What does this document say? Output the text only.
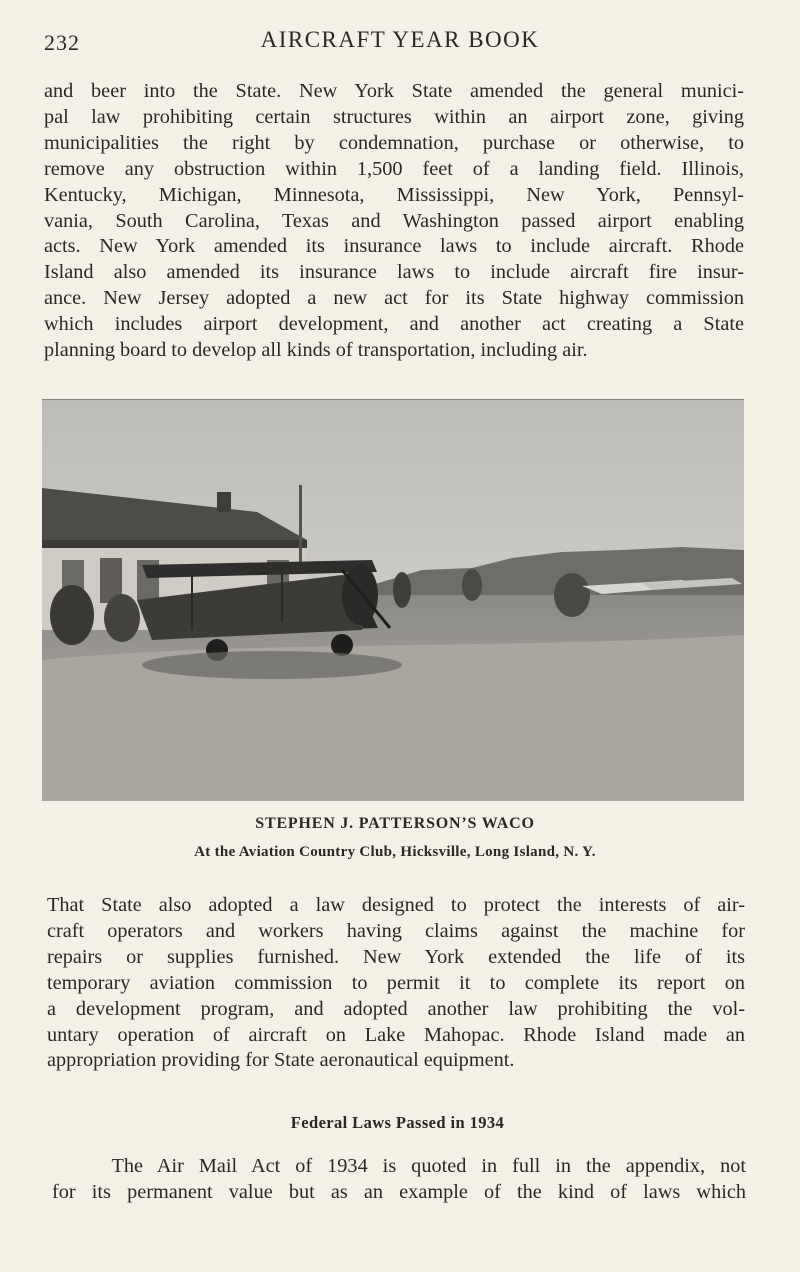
232	AIRCRAFT YEAR BOOK
and beer into the State. New York State amended the general munici-
pal law prohibiting certain structures within an airport zone, giving
municipalities the right by condemnation, purchase or otherwise, to
remove any obstruction within 1,500 feet of a landing field. Illinois,
Kentucky, Michigan, Minnesota, Mississippi, New York, Pennsyl-
vania, South Carolina, Texas and Washington passed airport enabling
acts. New York amended its insurance laws to include aircraft. Rhode
Island also amended its insurance laws to include aircraft fire insur-
ance. New Jersey adopted a new act for its State highway commission
which includes airport development, and another act creating a State
planning board to develop all kinds of transportation, including air.
STEPHEN J. PATTERSON’S WACO
At the Aviation Country Club, Hicksville, Long Island, N. Y.
That State also adopted a law designed to protect the interests of air-
craft operators and workers having claims against the machine for
repairs or supplies furnished. New York extended the life of its
temporary aviation commission to permit it to complete its report on
a development program, and adopted another law prohibiting the vol-
untary operation of aircraft on Lake Mahopac. Rhode Island made an
appropriation providing for State aeronautical equipment.
Federal Laws Passed in 1934
The Air Mail Act of 1934 is quoted in full in the appendix, not
for its permanent value but as an example of the kind of laws which
